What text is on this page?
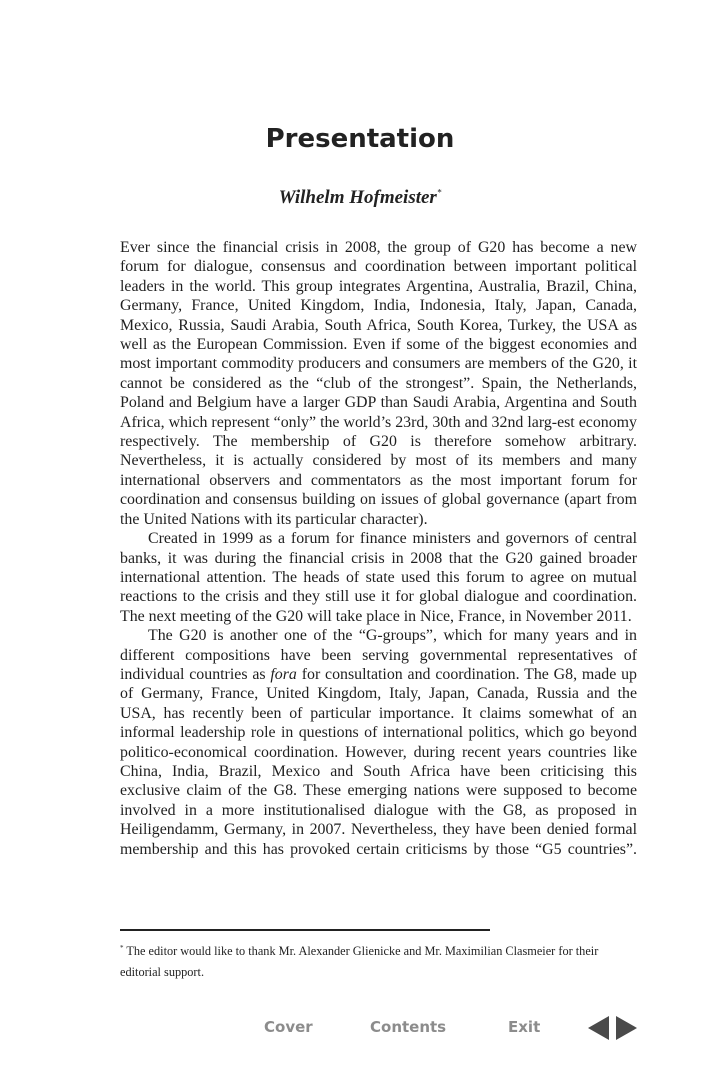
Presentation
Wilhelm Hofmeister*

Ever since the financial crisis in 2008, the group of G20 has become a new forum for dialogue, consensus and coordination between important political leaders in the world. This group integrates Argentina, Australia, Brazil, China, Germany, France, United Kingdom, India, Indonesia, Italy, Japan, Canada, Mexico, Russia, Saudi Arabia, South Africa, South Korea, Turkey, the USA as well as the European Commission. Even if some of the biggest economies and most important commodity producers and consumers are members of the G20, it cannot be considered as the “club of the strongest”. Spain, the Netherlands, Poland and Belgium have a larger GDP than Saudi Arabia, Argentina and South Africa, which represent “only” the world’s 23rd, 30th and 32nd larg-est economy respectively. The membership of G20 is therefore somehow arbitrary. Nevertheless, it is actually considered by most of its members and many international observers and commentators as the most important forum for coordination and consensus building on issues of global governance (apart from the United Nations with its particular character).

Created in 1999 as a forum for finance ministers and governors of central banks, it was during the financial crisis in 2008 that the G20 gained broader international attention. The heads of state used this forum to agree on mutual reactions to the crisis and they still use it for global dialogue and coordination. The next meeting of the G20 will take place in Nice, France, in November 2011.

The G20 is another one of the “G-groups”, which for many years and in different compositions have been serving governmental representatives of individual countries as fora for consultation and coordination. The G8, made up of Germany, France, United Kingdom, Italy, Japan, Canada, Russia and the USA, has recently been of particular importance. It claims somewhat of an informal leadership role in questions of international politics, which go beyond politico-economical coordination. However, during recent years countries like China, India, Brazil, Mexico and South Africa have been criticising this exclusive claim of the G8. These emerging nations were supposed to become involved in a more institutionalised dialogue with the G8, as proposed in Heiligendamm, Germany, in 2007. Nevertheless, they have been denied formal membership and this has provoked certain criticisms by those “G5 countries”.

* The editor would like to thank Mr. Alexander Glienicke and Mr. Maximilian Clasmeier for their editorial support.
Cover	Contents	Exit
